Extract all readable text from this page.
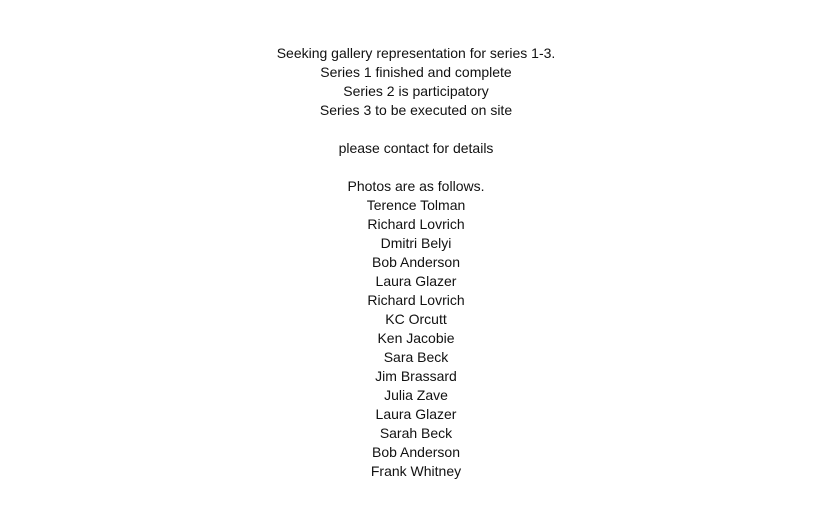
Seeking gallery representation for series 1-3.
Series 1 finished and complete
Series 2 is participatory
Series 3 to be executed on site
please contact for details
Photos are as follows.
Terence Tolman
Richard Lovrich
Dmitri Belyi
Bob Anderson
Laura Glazer
Richard Lovrich
KC Orcutt
Ken Jacobie
Sara Beck
Jim Brassard
Julia Zave
Laura Glazer
Sarah Beck
Bob Anderson
Frank Whitney
